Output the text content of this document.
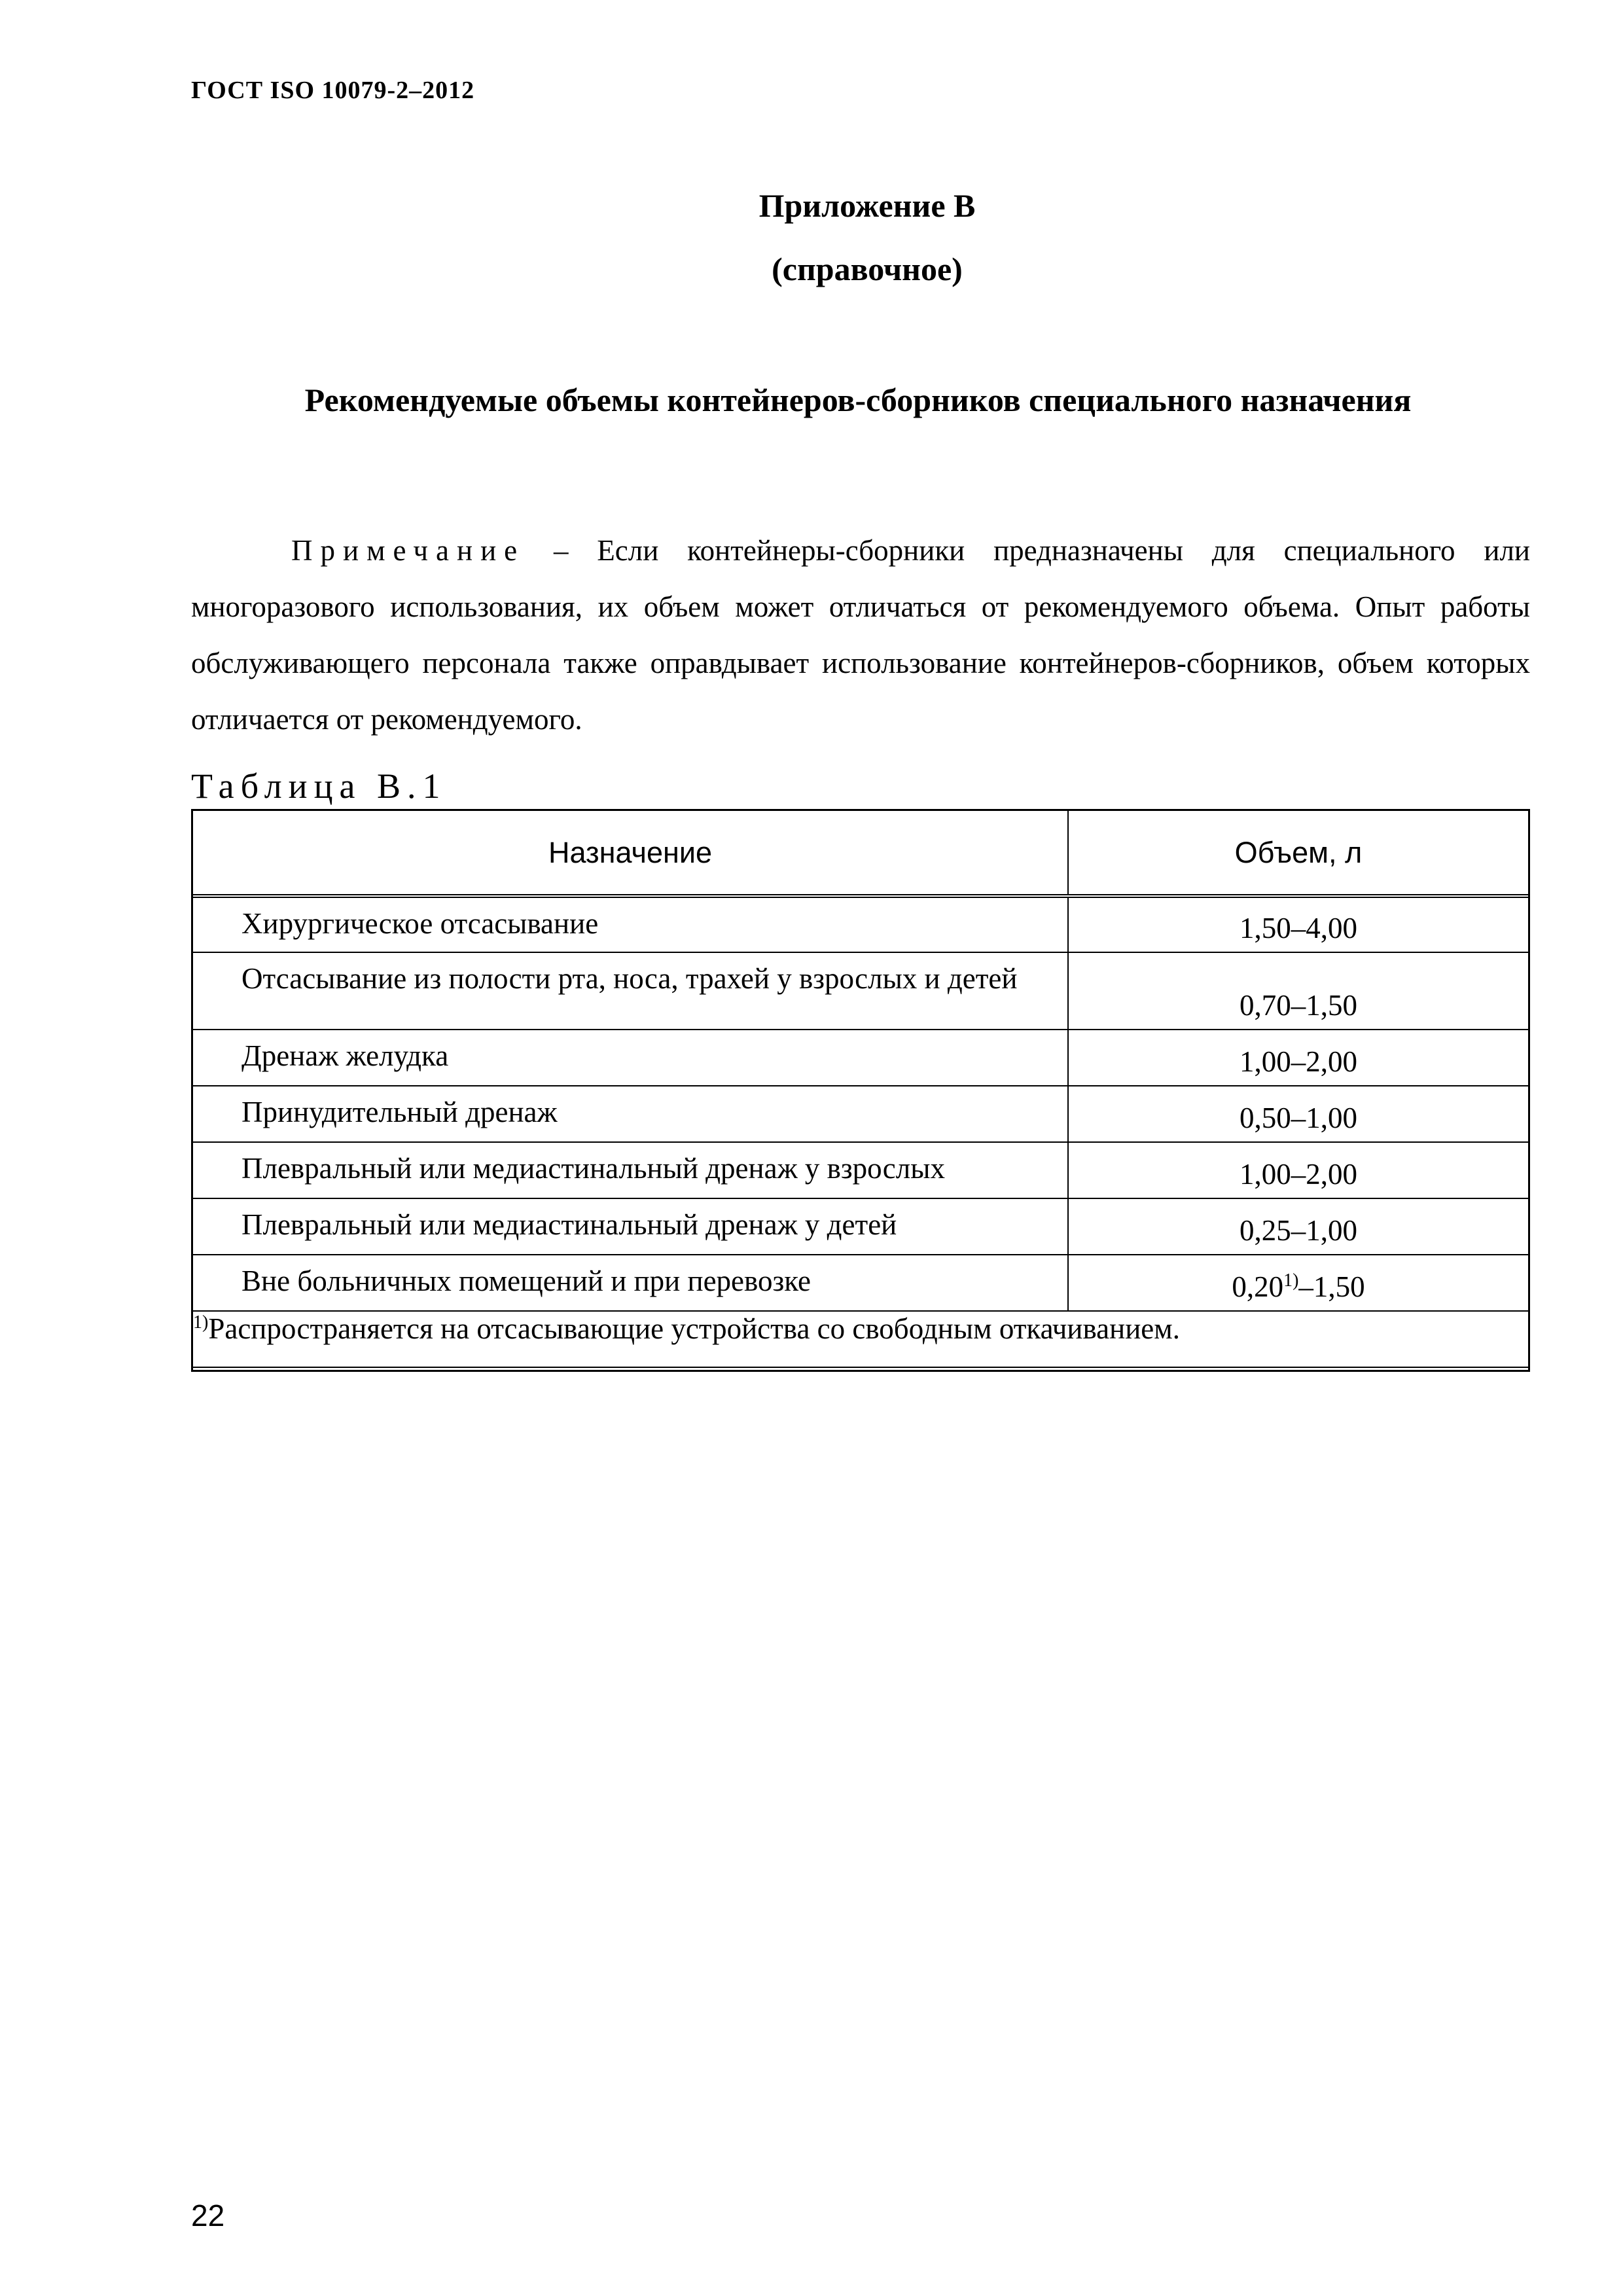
ГОСТ ISO 10079-2–2012
Приложение В
(справочное)
Рекомендуемые объемы контейнеров-сборников специального назначения
Примечание – Если контейнеры-сборники предназначены для специального или многоразового использования, их объем может отличаться от рекомендуемого объема. Опыт работы обслуживающего персонала также оправдывает использование контейнеров-сборников, объем которых отличается от рекомендуемого.
Таблица В.1
Назначение	Объем, л
Хирургическое отсасывание	1,50–4,00
Отсасывание из полости рта, носа, трахей у взрослых и детей	0,70–1,50
Дренаж желудка	1,00–2,00
Принудительный дренаж	0,50–1,00
Плевральный или медиастинальный дренаж у взрослых	1,00–2,00
Плевральный или медиастинальный дренаж у детей	0,25–1,00
Вне больничных помещений и при перевозке	0,20$^{1)}$–1,50
$^{1)}$Распространяется на отсасывающие устройства со свободным откачиванием.	
22
